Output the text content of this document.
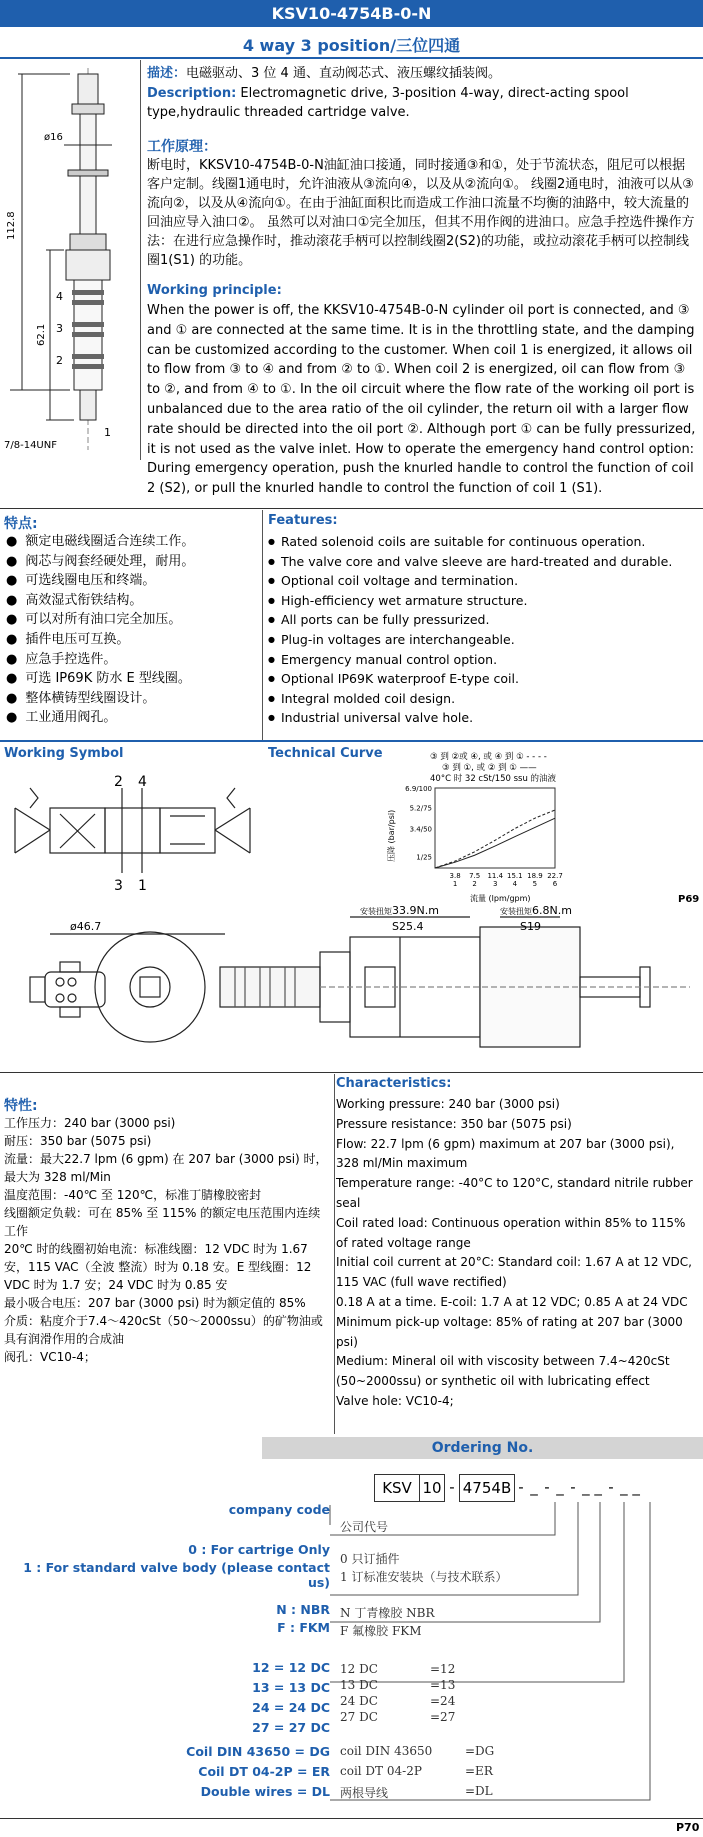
KSV10-4754B-0-N
4 way 3 position/三位四通
ø16
112.8
62.1
7/8-14UNF
4
3
2
1
描述：电磁驱动、3 位 4 通、直动阀芯式、液压螺纹插装阀。
Description: Electromagnetic drive, 3-position 4-way, direct-acting spool type,hydraulic threaded cartridge valve.
工作原理：
断电时，KKSV10-4754B-0-N油缸油口接通，同时接通③和①，处于节流状态，阻尼可以根据客户定制。线圈1通电时，允许油液从③流向④，以及从②流向①。 线圈2通电时，油液可以从③流向②，以及从④流向①。在由于油缸面积比而造成工作油口流量不均衡的油路中，较大流量的回油应导入油口②。 虽然可以对油口①完全加压，但其不用作阀的进油口。应急手控选件操作方法：在进行应急操作时，推动滚花手柄可以控制线圈2(S2)的功能，或拉动滚花手柄可以控制线圈1(S1) 的功能。
Working principle:
When the power is off, the KKSV10-4754B-0-N cylinder oil port is connected, and ③ and ① are connected at the same time. It is in the throttling state, and the damping can be customized according to the customer. When coil 1 is energized, it allows oil to flow from ③ to ④ and from ② to ①. When coil 2 is energized, oil can flow from ③ to ②, and from ④ to ①. In the oil circuit where the flow rate of the working oil port is unbalanced due to the area ratio of the oil cylinder, the return oil with a larger flow rate should be directed into the oil port ②. Although port ① can be fully pressurized, it is not used as the valve inlet. How to operate the emergency hand control option: During emergency operation, push the knurled handle to control the function of coil 2 (S2), or pull the knurled handle to control the function of coil 1 (S1).
特点:
● 额定电磁线圈适合连续工作。
● 阀芯与阀套经硬处理，耐用。
● 可选线圈电压和终端。
● 高效湿式衔铁结构。
● 可以对所有油口完全加压。
● 插件电压可互换。
● 应急手控选件。
● 可选 IP69K 防水 E 型线圈。
● 整体横铸型线圈设计。
● 工业通用阀孔。
Features:
● Rated solenoid coils are suitable for continuous operation.
● The valve core and valve sleeve are hard-treated and durable.
● Optional coil voltage and termination.
● High-efficiency wet armature structure.
● All ports can be fully pressurized.
● Plug-in voltages are interchangeable.
● Emergency manual control option.
● Optional IP69K waterproof E-type coil.
● Integral molded coil design.
● Industrial universal valve hole.
Working Symbol
2 4
3 1
Technical Curve	③ 到 ②或 ④, 或 ④ 到 ① - - - -
③ 到 ①, 或 ② 到 ① ——
40°C 时 32 cSt/150 ssu 的油液
1/25
3.4/50
5.2/75
6.9/100
3.8
1
7.5
2
11.4
3
15.1
4
18.9
5
22.7
6
压降 (bar/psi)
流量 (lpm/gpm)	P69
ø46.7
安装扭矩 33.9N.m
S25.4
安装扭矩 6.8N.m
S19
特性:
工作压力：240 bar (3000 psi)
耐压：350 bar (5075 psi)
流量：最大22.7 lpm (6 gpm) 在 207 bar (3000 psi) 时，最大为 328 ml/Min
温度范围：-40℃ 至 120℃，标准丁腈橡胶密封
线圈额定负载：可在 85% 至 115% 的额定电压范围内连续工作
20℃ 时的线圈初始电流：标准线圈：12 VDC 时为 1.67 安，115 VAC（全波 整流）时为 0.18 安。E 型线圈：12 VDC 时为 1.7 安；24 VDC 时为 0.85 安
最小吸合电压：207 bar (3000 psi) 时为额定值的 85%
介质：粘度介于7.4～420cSt（50～2000ssu）的矿物油或具有润滑作用的合成油
阀孔：VC10-4；
Characteristics:
Working pressure: 240 bar (3000 psi)
Pressure resistance: 350 bar (5075 psi)
Flow: 22.7 lpm (6 gpm) maximum at 207 bar (3000 psi), 328 ml/Min maximum
Temperature range: -40°C to 120°C, standard nitrile rubber seal
Coil rated load: Continuous operation within 85% to 115% of rated voltage range
Initial coil current at 20°C: Standard coil: 1.67 A at 12 VDC, 115 VAC (full wave rectified)
0.18 A at a time. E-coil: 1.7 A at 12 VDC; 0.85 A at 24 VDC
Minimum pick-up voltage: 85% of rating at 207 bar (3000 psi)
Medium: Mineral oil with viscosity between 7.4~420cSt (50~2000ssu) or synthetic oil with lubricating effect
Valve hole: VC10-4;
Ordering No.
KSV 10 - 4754B - _ - _ - _ _ - _ _
company code
公司代号
0 : For cartrige Only
1 : For standard valve body (please contact us)
0 只订插件
1 订标准安装块（与技术联系）
N : NBR
F : FKM
N 丁青橡胶 NBR
F 氟橡胶 FKM
12 = 12 DC
13 = 13 DC
24 = 24 DC
27 = 27 DC
12 DC	=12
13 DC	=13
24 DC	=24
27 DC	=27
Coil DIN 43650 = DG
Coil DT 04-2P = ER
Double wires = DL
coil DIN 43650	=DG
coil DT 04-2P	=ER
两根导线	=DL
P70
